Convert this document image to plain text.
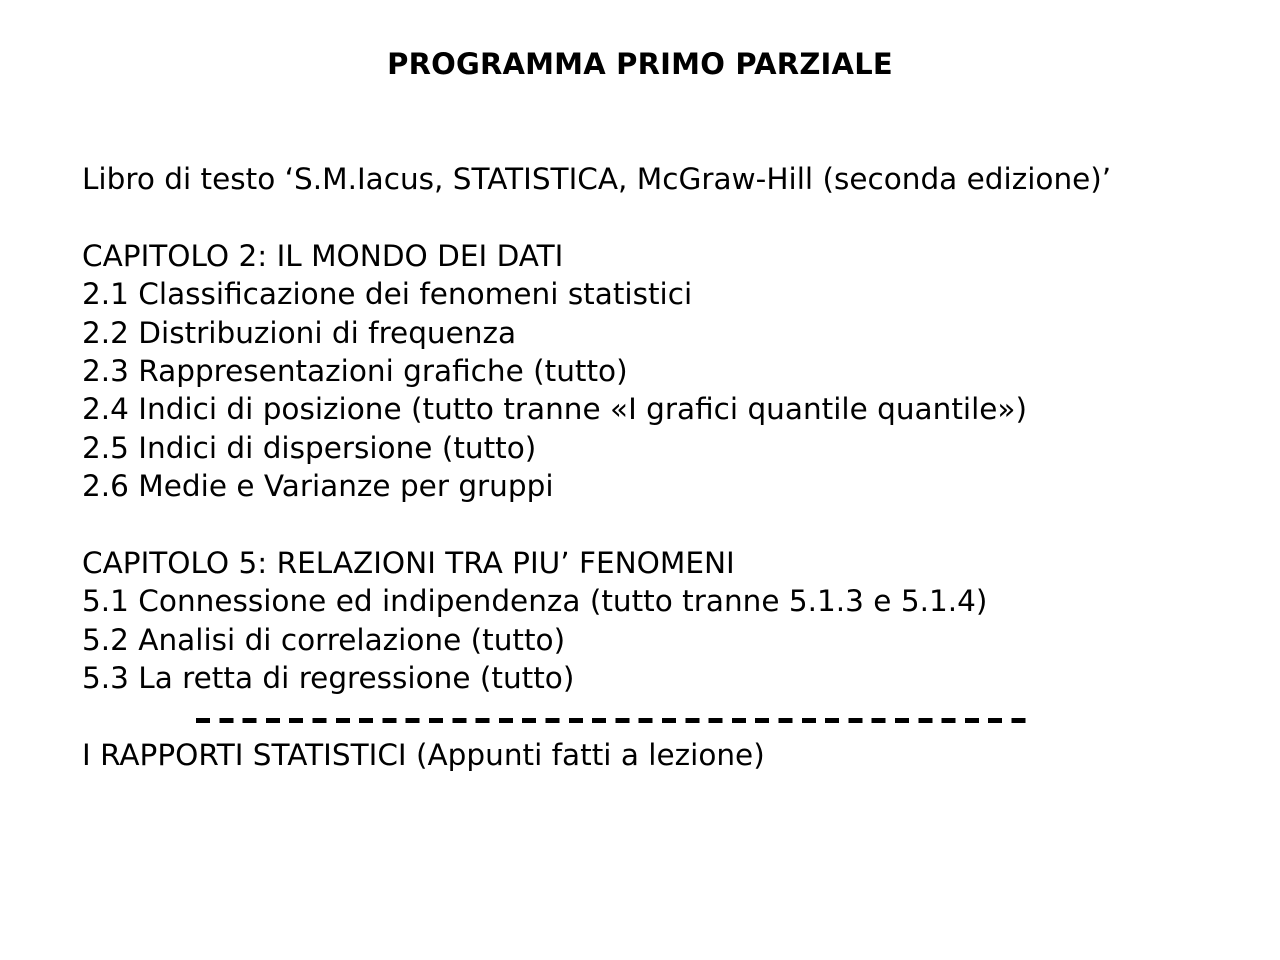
PROGRAMMA PRIMO PARZIALE
Libro di testo ‘S.M.Iacus, STATISTICA, McGraw-Hill (seconda edizione)’
CAPITOLO 2: IL MONDO DEI DATI
2.1 Classificazione dei fenomeni statistici
2.2 Distribuzioni di frequenza
2.3 Rappresentazioni grafiche (tutto)
2.4 Indici di posizione (tutto tranne «I grafici quantile quantile»)
2.5 Indici di dispersione (tutto)
2.6 Medie e Varianze per gruppi
CAPITOLO 5: RELAZIONI TRA PIU’ FENOMENI
5.1 Connessione ed indipendenza (tutto tranne 5.1.3 e 5.1.4)
5.2 Analisi di correlazione (tutto)
5.3 La retta di regressione (tutto)
I RAPPORTI STATISTICI (Appunti fatti a lezione)
